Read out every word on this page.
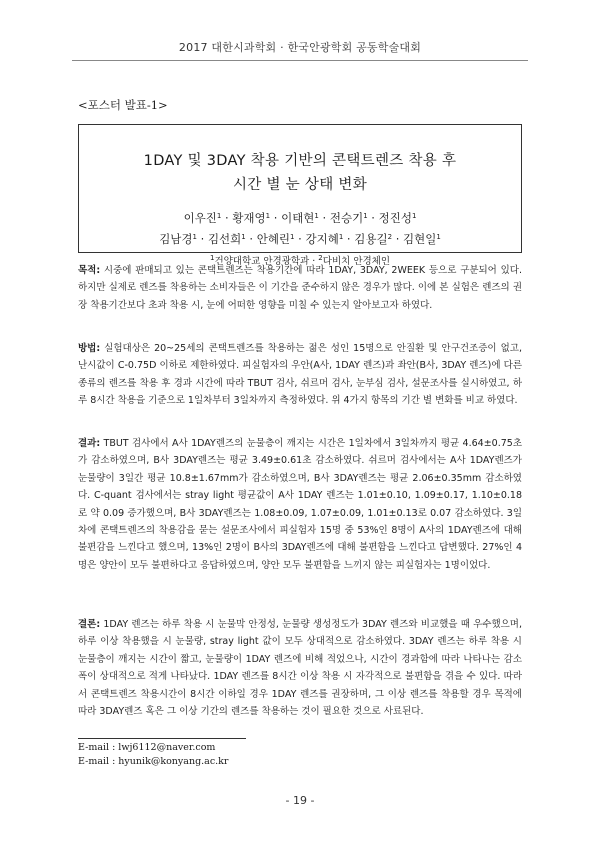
2017 대한시과학회 · 한국안광학회 공동학술대회
<포스터 발표-1>
1DAY 및 3DAY 착용 기반의 콘택트렌즈 착용 후
시간 별 눈 상태 변화
이우진$^1$ · 황재영$^1$ · 이태현$^1$ · 전승기$^1$ · 정진성$^1$
김남경$^1$ · 김선희$^1$ · 안혜린$^1$ · 강지혜$^1$ · 김용길$^2$ · 김현일$^1$
$^1$건양대학교 안경광학과 · $^2$다비치 안경체인
목적: 시중에 판매되고 있는 콘택트렌즈는 착용기간에 따라 1DAY, 3DAY, 2WEEK 등으로 구분되어 있다. 하지만 실제로 렌즈를 착용하는 소비자들은 이 기간을 준수하지 않은 경우가 많다. 이에 본 실험은 렌즈의 권장 착용기간보다 초과 착용 시, 눈에 어떠한 영향을 미칠 수 있는지 알아보고자 하였다.
방법: 실험대상은 20~25세의 콘택트렌즈를 착용하는 젊은 성인 15명으로 안질환 및 안구건조증이 없고, 난시값이 C-0.75D 이하로 제한하였다. 피실험자의 우안(A사, 1DAY 렌즈)과 좌안(B사, 3DAY 렌즈)에 다른 종류의 렌즈를 착용 후 경과 시간에 따라 TBUT 검사, 쉬르머 검사, 눈부심 검사, 설문조사를 실시하였고, 하루 8시간 착용을 기준으로 1일차부터 3일차까지 측정하였다. 위 4가지 항목의 기간 별 변화를 비교 하였다.
결과: TBUT 검사에서 A사 1DAY렌즈의 눈물층이 깨지는 시간은 1일차에서 3일차까지 평균 4.64±0.75초가 감소하였으며, B사 3DAY렌즈는 평균 3.49±0.61초 감소하였다. 쉬르머 검사에서는 A사 1DAY렌즈가 눈물량이 3일간 평균 10.8±1.67mm가 감소하였으며, B사 3DAY렌즈는 평균 2.06±0.35mm 감소하였다. C-quant 검사에서는 stray light 평균값이 A사 1DAY 렌즈는 1.01±0.10, 1.09±0.17, 1.10±0.18로 약 0.09 증가했으며, B사 3DAY렌즈는 1.08±0.09, 1.07±0.09, 1.01±0.13로 0.07 감소하였다. 3일 차에 콘택트렌즈의 착용감을 묻는 설문조사에서 피실험자 15명 중 53%인 8명이 A사의 1DAY렌즈에 대해 불편감을 느낀다고 했으며, 13%인 2명이 B사의 3DAY렌즈에 대해 불편함을 느낀다고 답변했다. 27%인 4명은 양안이 모두 불편하다고 응답하였으며, 양안 모두 불편함을 느끼지 않는 피실험자는 1명이었다.
결론: 1DAY 렌즈는 하루 착용 시 눈물막 안정성, 눈물량 생성정도가 3DAY 렌즈와 비교했을 때 우수했으며, 하루 이상 착용했을 시 눈물량, stray light 값이 모두 상대적으로 감소하였다. 3DAY 렌즈는 하루 착용 시 눈물층이 깨지는 시간이 짧고, 눈물량이 1DAY 렌즈에 비해 적었으나, 시간이 경과함에 따라 나타나는 감소폭이 상대적으로 적게 나타났다. 1DAY 렌즈를 8시간 이상 착용 시 자각적으로 불편함을 겪을 수 있다. 따라서 콘택트렌즈 착용시간이 8시간 이하일 경우 1DAY 렌즈를 권장하며, 그 이상 렌즈를 착용할 경우 목적에 따라 3DAY렌즈 혹은 그 이상 기간의 렌즈를 착용하는 것이 필요한 것으로 사료된다.
E-mail : lwj6112@naver.com
E-mail : hyunik@konyang.ac.kr
- 19 -
